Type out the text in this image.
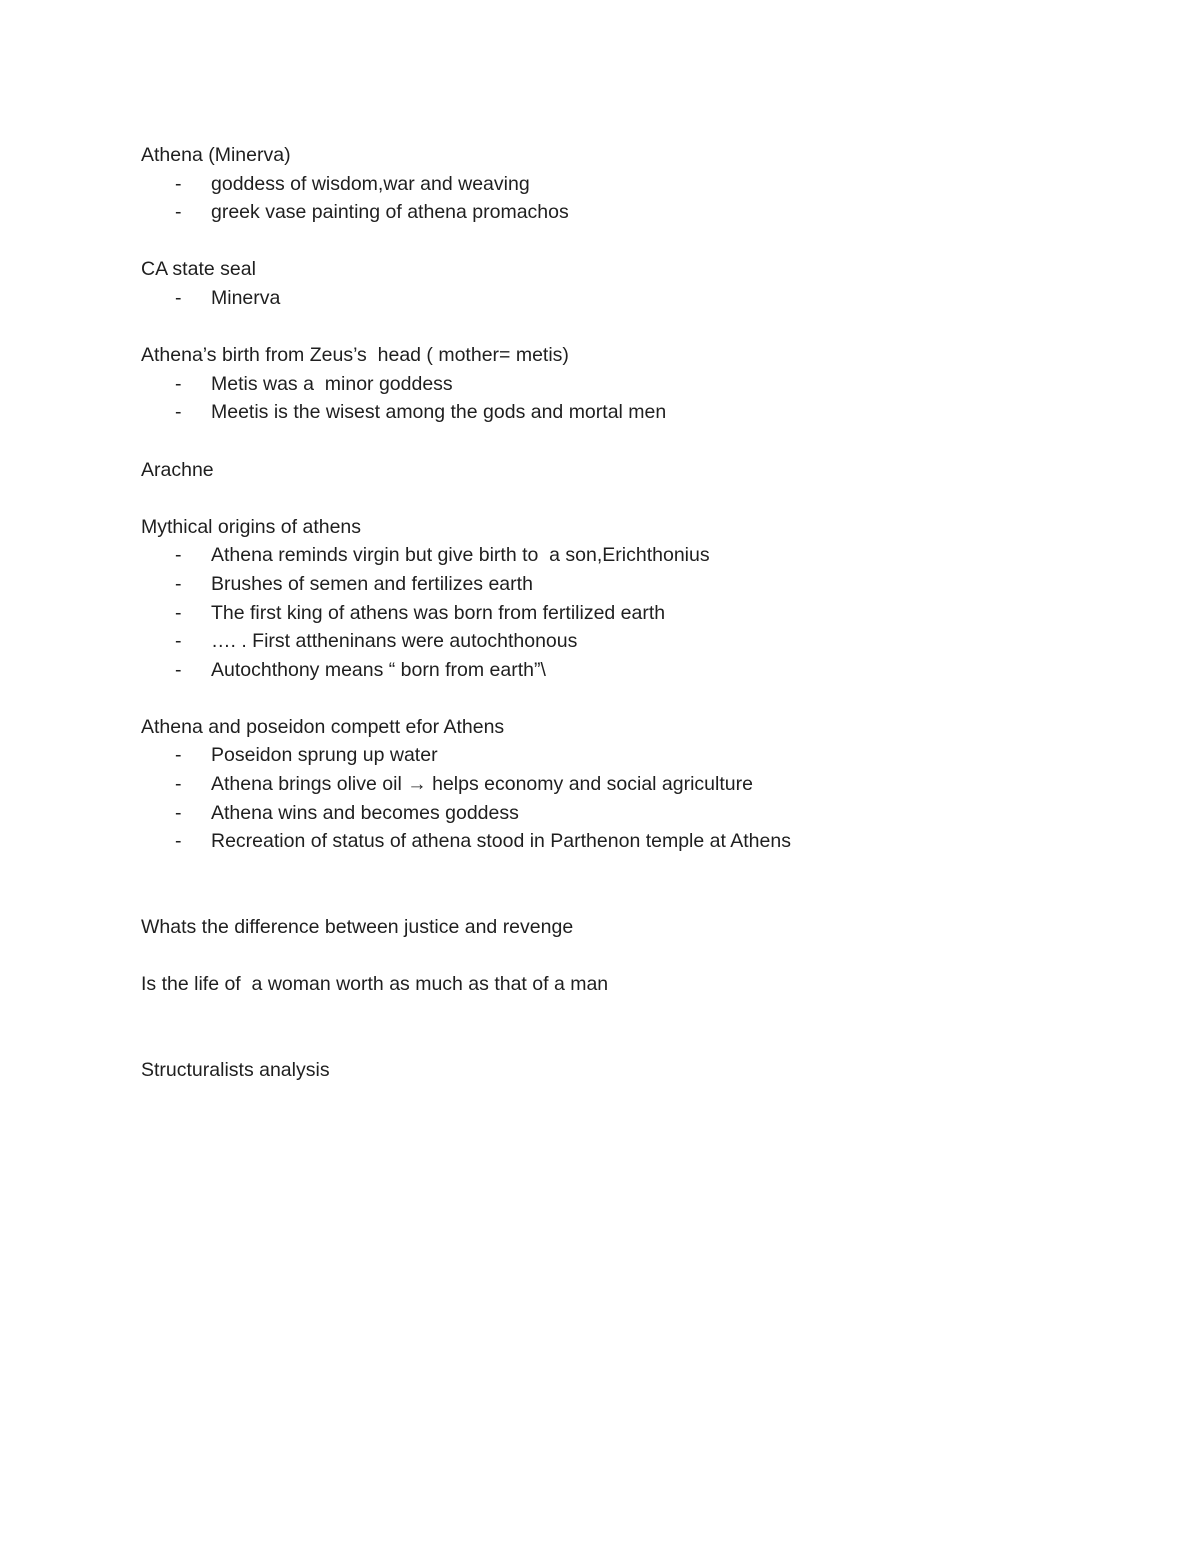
Athena (Minerva)
- goddess of wisdom,war and weaving
- greek vase painting of athena promachos
CA state seal
- Minerva
Athena’s birth from Zeus’s  head ( mother= metis)
- Metis was a  minor goddess
- Meetis is the wisest among the gods and mortal men
Arachne
Mythical origins of athens
- Athena reminds virgin but give birth to  a son,Erichthonius
- Brushes of semen and fertilizes earth
- The first king of athens was born from fertilized earth
- …. . First attheninans were autochthonous
- Autochthony means “ born from earth”\
Athena and poseidon compett efor Athens
- Poseidon sprung up water
- Athena brings olive oil → helps economy and social agriculture
- Athena wins and becomes goddess
- Recreation of status of athena stood in Parthenon temple at Athens
Whats the difference between justice and revenge
Is the life of  a woman worth as much as that of a man
Structuralists analysis
